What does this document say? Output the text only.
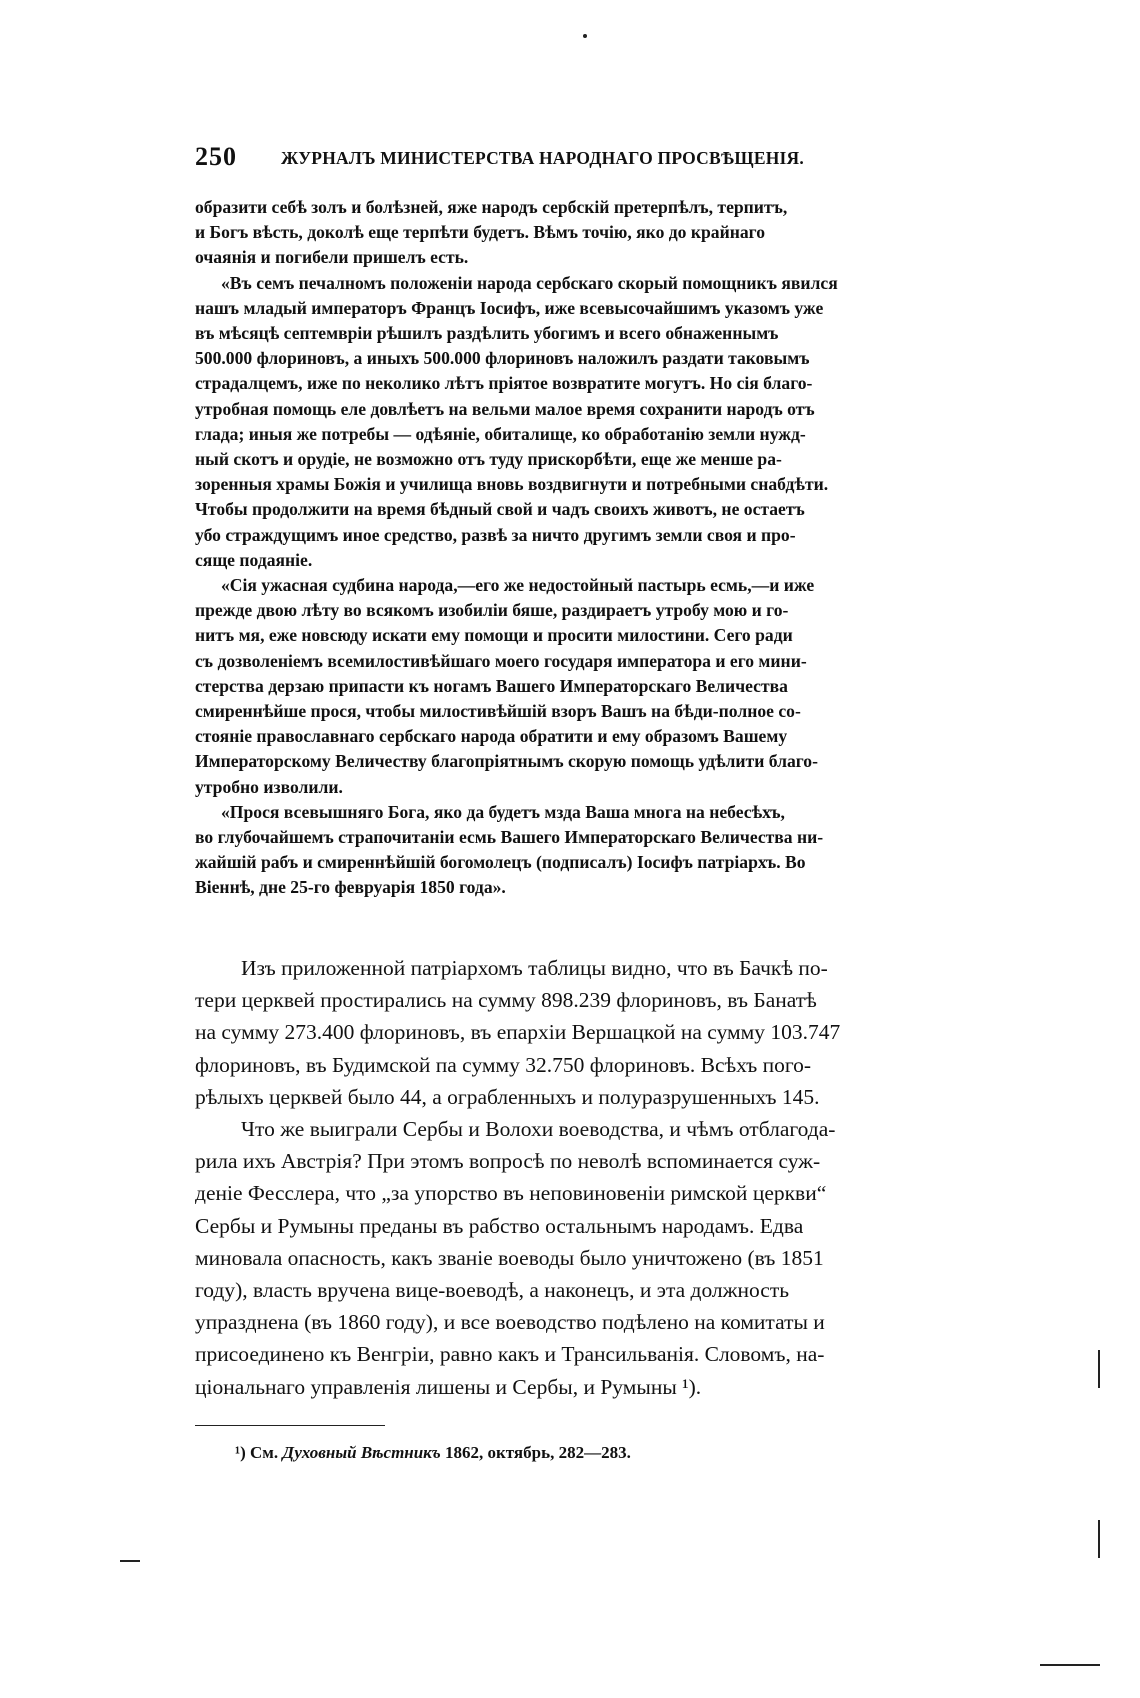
250	ЖУРНАЛЪ МИНИСТЕРСТВА НАРОДНАГО ПРОСВѢЩЕНІЯ.

образити себѣ золъ и болѣзней, яже народъ сербскій претерпѣлъ, терпитъ,
и Богъ вѣсть, доколѣ еще терпѣти будетъ. Вѣмъ точію, яко до крайнаго
очаянія и погибели пришелъ есть.

«Въ семъ печалномъ положеніи народа сербскаго скорый помощникъ явился
нашъ младый императоръ Францъ Іосифъ, иже всевысочайшимъ указомъ уже
въ мѣсяцѣ септемвріи рѣшилъ раздѣлить убогимъ и всего обнаженнымъ
500.000 флориновъ, а иныхъ 500.000 флориновъ наложилъ раздати таковымъ
страдалцемъ, иже по неколико лѣтъ пріятое возвратите могутъ. Но сія благо-
утробная помощь еле довлѣетъ на вельми малое время сохранити народъ отъ
глада; иныя же потребы — одѣяніе, обиталище, ко обработанію земли нужд-
ный скотъ и орудіе, не возможно отъ туду прискорбѣти, еще же менше ра-
зоренныя храмы Божія и училища вновь воздвигнути и потребными снабдѣти.
Чтобы продолжити на время бѣдный свой и чадъ своихъ животъ, не остаетъ
убо страждущимъ иное средство, развѣ за ничто другимъ земли своя и про-
сяще подаяніе.

«Сія ужасная судбина народа,—его же недостойный пастырь есмь,—и иже
прежде двою лѣту во всякомъ изобиліи бяше, раздираетъ утробу мою и го-
нитъ мя, еже новсюду искати ему помощи и просити милостини. Сего ради
съ дозволеніемъ всемилостивѣйшаго моего государя императора и его мини-
стерства дерзаю припасти къ ногамъ Вашего Императорскаго Величества
смиреннѣйше прося, чтобы милостивѣйшій взоръ Вашъ на бѣди-полное со-
стояніе православнаго сербскаго народа обратити и ему образомъ Вашему
Императорскому Величеству благопріятнымъ скорую помощь удѣлити благо-
утробно изволили.

«Прося всевышняго Бога, яко да будетъ мзда Ваша многа на небесѣхъ,
во глубочайшемъ страпочитаніи есмь Вашего Императорскаго Величества ни-
жайшій рабъ и смиреннѣйшій богомолецъ (подписалъ) Іосифъ патріархъ. Во
Віеннѣ, дне 25-го февруарія 1850 года».

Изъ приложенной патріархомъ таблицы видно, что въ Бачкѣ по-
тери церквей простирались на сумму 898.239 флориновъ, въ Банатѣ
на сумму 273.400 флориновъ, въ епархіи Вершацкой на сумму 103.747
флориновъ, въ Будимской па сумму 32.750 флориновъ. Всѣхъ пого-
рѣлыхъ церквей было 44, а ограбленныхъ и полуразрушенныхъ 145.

Что же выиграли Сербы и Волохи воеводства, и чѣмъ отблагода-
рила ихъ Австрія? При этомъ вопросѣ по неволѣ вспоминается суж-
деніе Фесслера, что „за упорство въ неповиновеніи римской церкви“
Сербы и Румыны преданы въ рабство остальнымъ народамъ. Едва
миновала опасность, какъ званіе воеводы было уничтожено (въ 1851
году), власть вручена вице-воеводѣ, а наконецъ, и эта должность
упразднена (въ 1860 году), и все воеводство подѣлено на комитаты и
присоединено къ Венгріи, равно какъ и Трансильванія. Словомъ, на-
ціональнаго управленія лишены и Сербы, и Румыны ¹).

¹) См. Духовный Вѣстникъ 1862, октябрь, 282—283.
